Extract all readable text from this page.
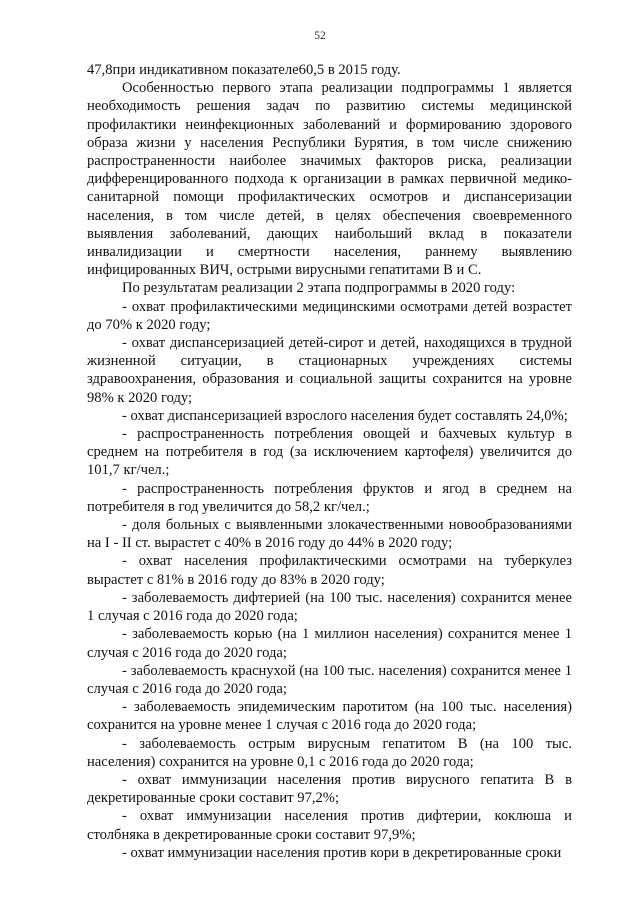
52

47,8при индикативном показателе60,5 в 2015 году.

Особенностью первого этапа реализации подпрограммы 1 является необходимость решения задач по развитию системы медицинской профилактики неинфекционных заболеваний и формированию здорового образа жизни у населения Республики Бурятия, в том числе снижению распространенности наиболее значимых факторов риска, реализации дифференцированного подхода к организации в рамках первичной медико-санитарной помощи профилактических осмотров и диспансеризации населения, в том числе детей, в целях обеспечения своевременного выявления заболеваний, дающих наибольший вклад в показатели инвалидизации и смертности населения, раннему выявлению инфицированных ВИЧ, острыми вирусными гепатитами В и С.

По результатам реализации 2 этапа подпрограммы в 2020 году:

- охват профилактическими медицинскими осмотрами детей возрастет до 70% к 2020 году;

- охват диспансеризацией детей-сирот и детей, находящихся в трудной жизненной ситуации, в стационарных учреждениях системы здравоохранения, образования и социальной защиты сохранится на уровне 98% к 2020 году;

- охват диспансеризацией взрослого населения будет составлять 24,0%;

- распространенность потребления овощей и бахчевых культур в среднем на потребителя в год (за исключением картофеля) увеличится до 101,7 кг/чел.;

- распространенность потребления фруктов и ягод в среднем на потребителя в год увеличится до 58,2 кг/чел.;

- доля больных с выявленными злокачественными новообразованиями на I - II ст. вырастет с 40% в 2016 году до 44% в 2020 году;

- охват населения профилактическими осмотрами на туберкулез вырастет с 81% в 2016 году до 83% в 2020 году;

- заболеваемость дифтерией (на 100 тыс. населения) сохранится менее 1 случая с 2016 года до 2020 года;

- заболеваемость корью (на 1 миллион населения) сохранится менее 1 случая с 2016 года до 2020 года;

- заболеваемость краснухой (на 100 тыс. населения) сохранится менее 1 случая с 2016 года до 2020 года;

- заболеваемость эпидемическим паротитом (на 100 тыс. населения) сохранится на уровне менее 1 случая с 2016 года до 2020 года;

- заболеваемость острым вирусным гепатитом В (на 100 тыс. населения) сохранится на уровне 0,1 с 2016 года до 2020 года;

- охват иммунизации населения против вирусного гепатита В в декретированные сроки составит 97,2%;

- охват иммунизации населения против дифтерии, коклюша и столбняка в декретированные сроки составит 97,9%;

- охват иммунизации населения против кори в декретированные сроки
